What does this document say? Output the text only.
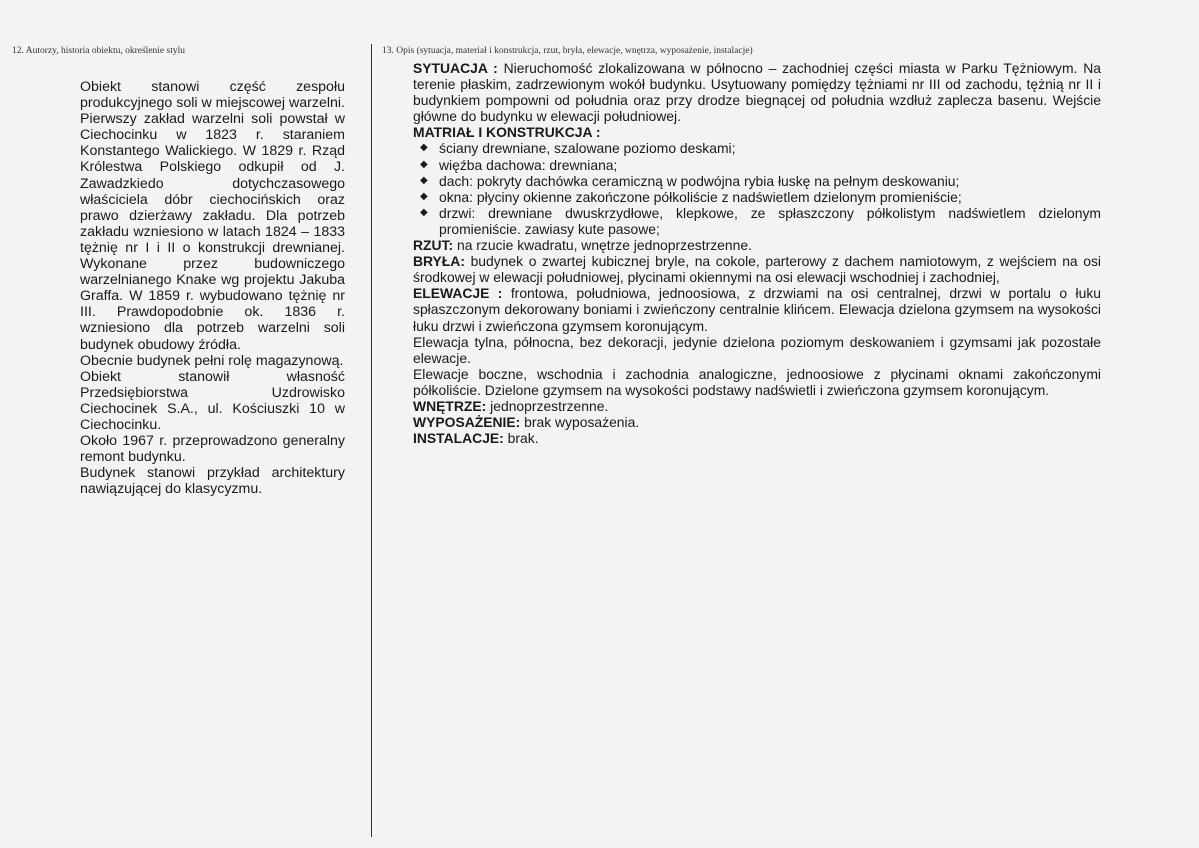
12. Autorzy, historia obiektu, określenie stylu	13. Opis (sytuacja, materiał i konstrukcja, rzut, bryła, elewacje, wnętrza, wyposażenie, instalacje)

Obiekt stanowi część zespołu produkcyjnego soli w miejscowej warzelni. Pierwszy zakład warzelni soli powstał w Ciechocinku w 1823 r. staraniem Konstantego Walickiego. W 1829 r. Rząd Królestwa Polskiego odkupił od J. Zawadzkiedo dotychczasowego właściciela dóbr ciechocińskich oraz prawo dzierżawy zakładu. Dla potrzeb zakładu wzniesiono w latach 1824 – 1833 tężnię nr I i II o konstrukcji drewnianej. Wykonane przez budowniczego warzelnianego Knake wg projektu Jakuba Graffa. W 1859 r. wybudowano tężnię nr III. Prawdopodobnie ok. 1836 r. wzniesiono dla potrzeb warzelni soli budynek obudowy źródła.

Obecnie budynek pełni rolę magazynową.

Obiekt stanowił własność Przedsiębiorstwa Uzdrowisko Ciechocinek S.A., ul. Kościuszki 10 w Ciechocinku.

Około 1967 r. przeprowadzono generalny remont budynku.

Budynek stanowi przykład architektury nawiązującej do klasycyzmu.

SYTUACJA : Nieruchomość zlokalizowana w północno – zachodniej części miasta w Parku Tężniowym. Na terenie płaskim, zadrzewionym wokół budynku. Usytuowany pomiędzy tężniami nr III od zachodu, tężnią nr II i budynkiem pompowni od południa oraz przy drodze biegnącej od południa wzdłuż zaplecza basenu. Wejście główne do budynku w elewacji południowej.

MATRIAŁ I KONSTRUKCJA :

◆ ściany drewniane, szalowane poziomo deskami;
◆ więźba dachowa: drewniana;
◆ dach: pokryty dachówka ceramiczną w podwójna rybia łuskę na pełnym deskowaniu;
◆ okna: płyciny okienne zakończone półkoliście z nadświetlem dzielonym promieniście;
◆ drzwi: drewniane dwuskrzydłowe, klepkowe, ze spłaszczony półkolistym nadświetlem dzielonym promieniście. zawiasy kute pasowe;

RZUT: na rzucie kwadratu, wnętrze jednoprzestrzenne.

BRYŁA: budynek o zwartej kubicznej bryle, na cokole, parterowy z dachem namiotowym, z wejściem na osi środkowej w elewacji południowej, płycinami okiennymi na osi elewacji wschodniej i zachodniej,

ELEWACJE : frontowa, południowa, jednoosiowa, z drzwiami na osi centralnej, drzwi w portalu o łuku spłaszczonym dekorowany boniami i zwieńczony centralnie klińcem. Elewacja dzielona gzymsem na wysokości łuku drzwi i zwieńczona gzymsem koronującym.

Elewacja tylna, północna, bez dekoracji, jedynie dzielona poziomym deskowaniem i gzymsami jak pozostałe elewacje.

Elewacje boczne, wschodnia i zachodnia analogiczne, jednoosiowe z płycinami oknami zakończonymi półkoliście. Dzielone gzymsem na wysokości podstawy nadświetli i zwieńczona gzymsem koronującym.

WNĘTRZE: jednoprzestrzenne.

WYPOSAŻENIE: brak wyposażenia.

INSTALACJE: brak.
